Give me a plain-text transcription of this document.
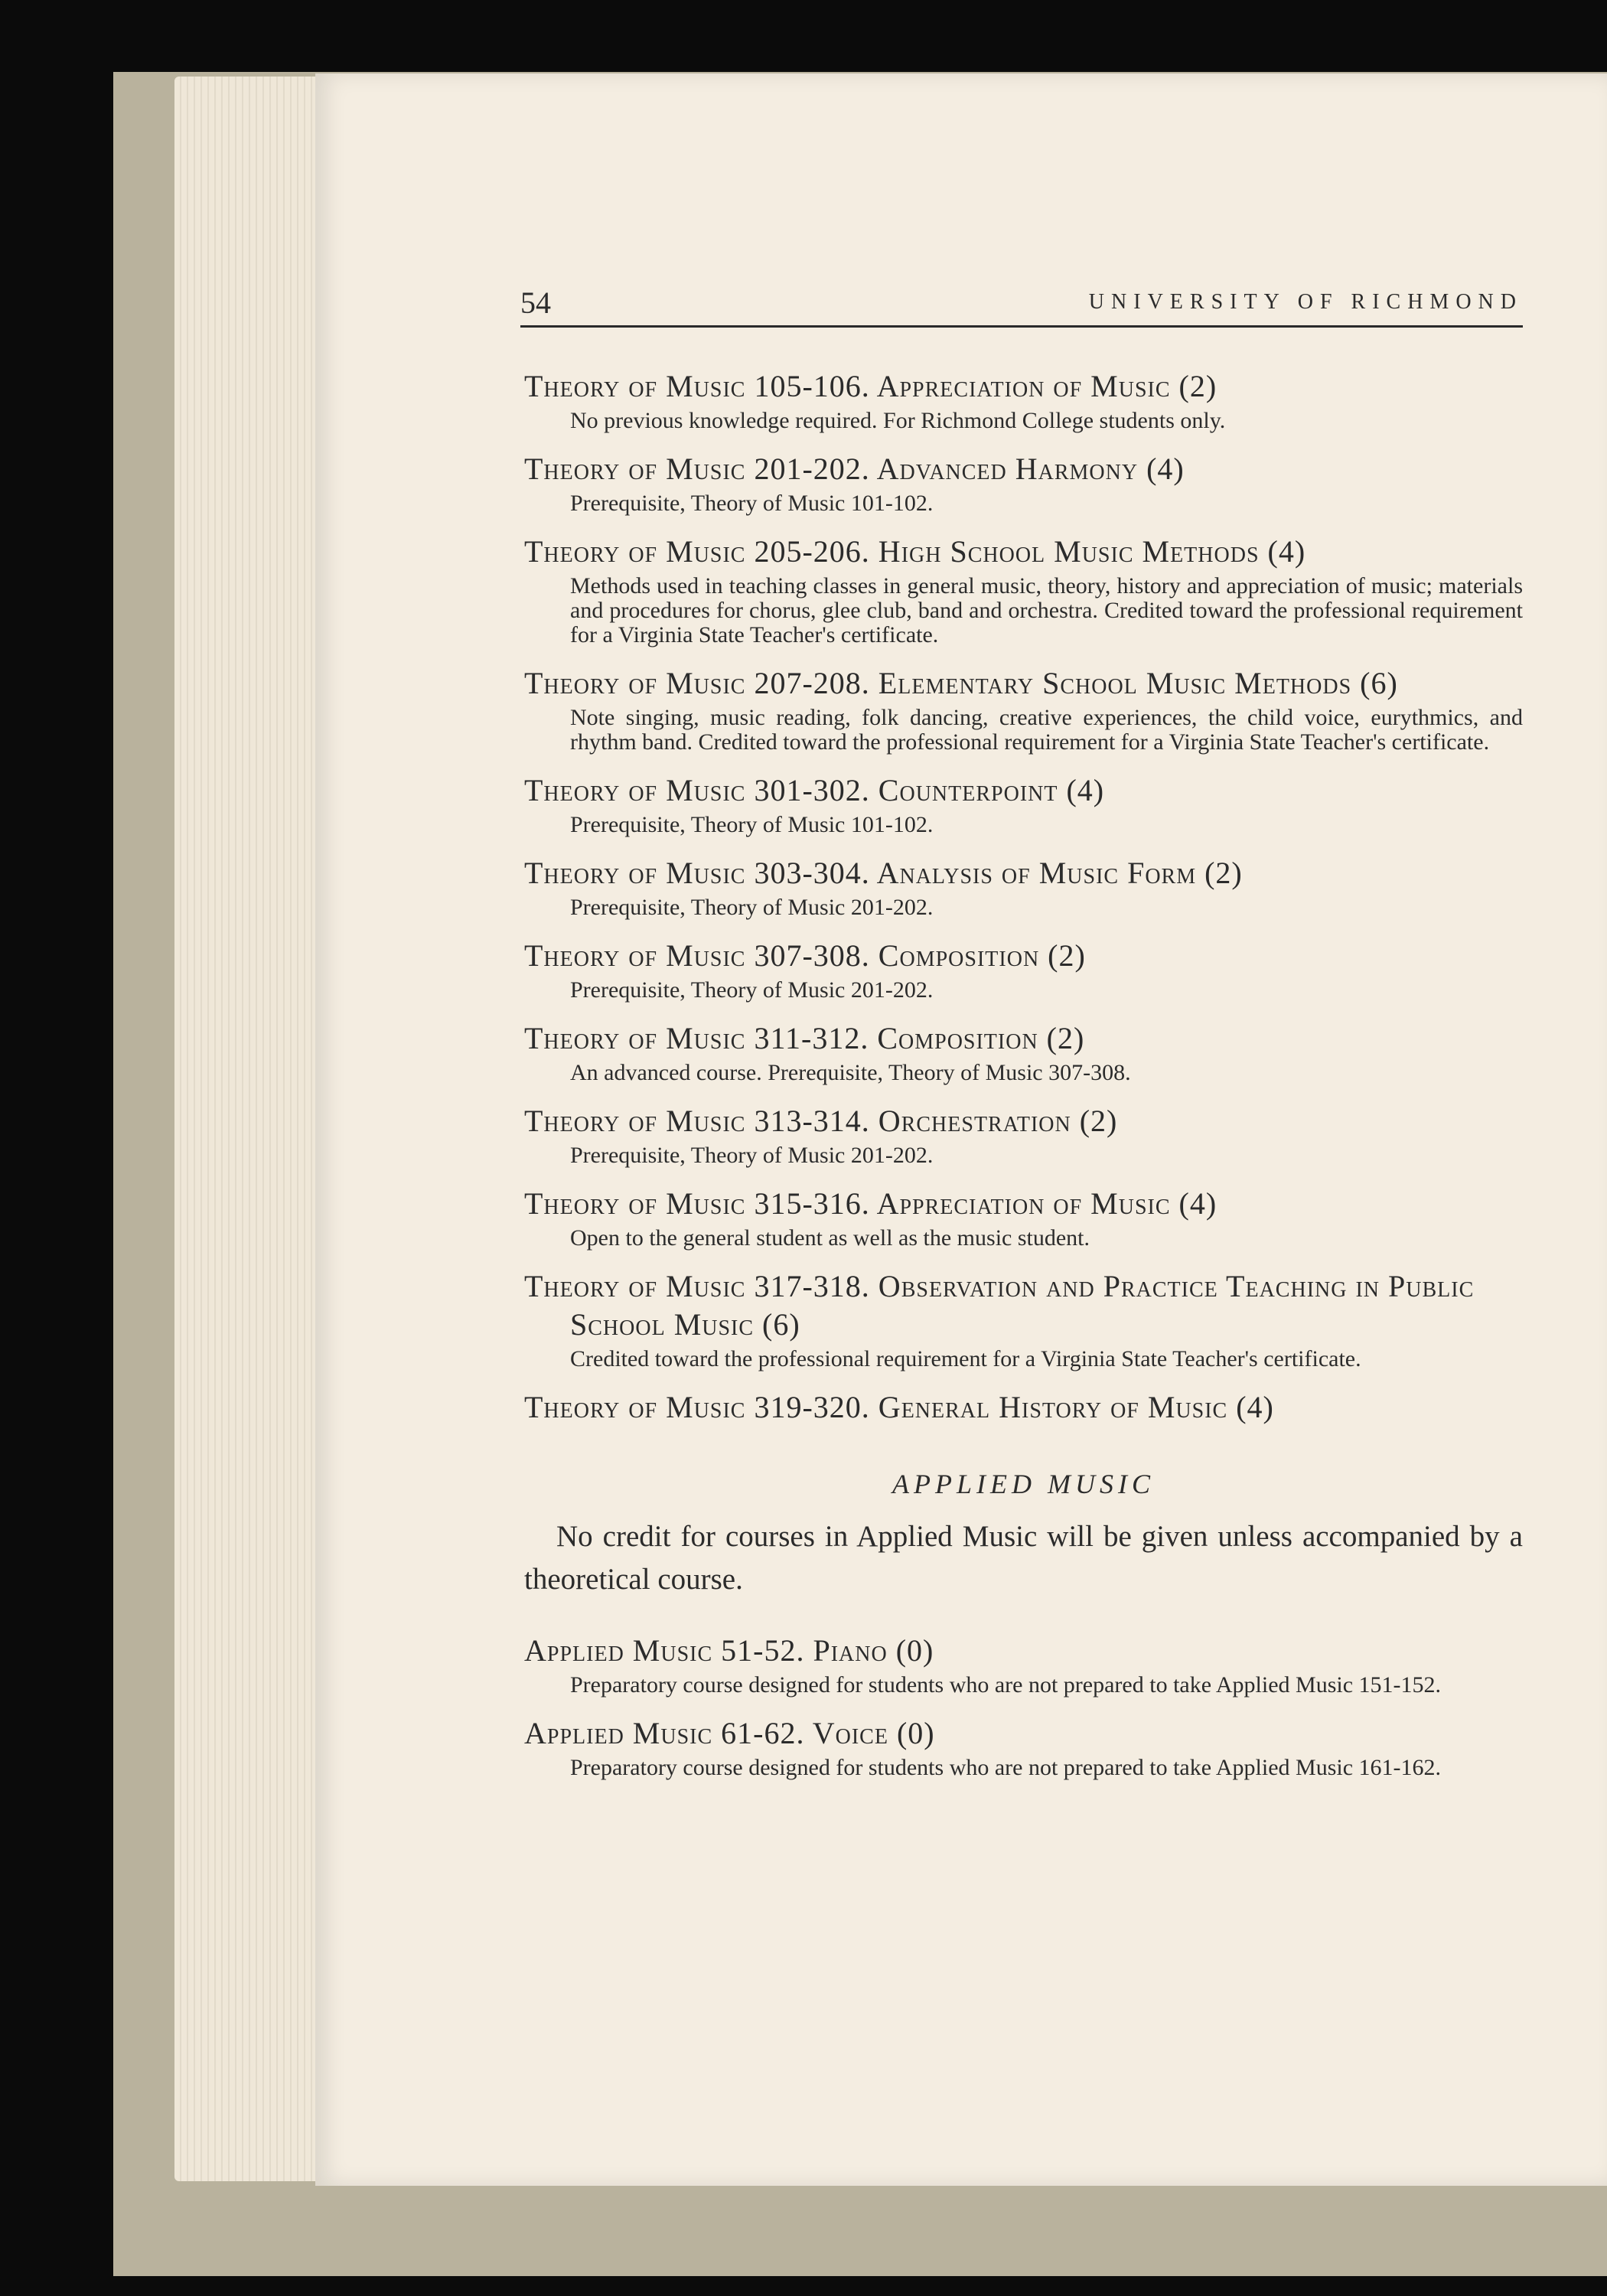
54	UNIVERSITY OF RICHMOND
Theory of Music 105-106. Appreciation of Music (2)
No previous knowledge required. For Richmond College students only.
Theory of Music 201-202. Advanced Harmony (4)
Prerequisite, Theory of Music 101-102.
Theory of Music 205-206. High School Music Methods (4)
Methods used in teaching classes in general music, theory, history and appreciation of music; materials and procedures for chorus, glee club, band and orchestra. Credited toward the professional requirement for a Virginia State Teacher's certificate.
Theory of Music 207-208. Elementary School Music Methods (6)
Note singing, music reading, folk dancing, creative experiences, the child voice, eurythmics, and rhythm band. Credited toward the professional requirement for a Virginia State Teacher's certificate.
Theory of Music 301-302. Counterpoint (4)
Prerequisite, Theory of Music 101-102.
Theory of Music 303-304. Analysis of Music Form (2)
Prerequisite, Theory of Music 201-202.
Theory of Music 307-308. Composition (2)
Prerequisite, Theory of Music 201-202.
Theory of Music 311-312. Composition (2)
An advanced course. Prerequisite, Theory of Music 307-308.
Theory of Music 313-314. Orchestration (2)
Prerequisite, Theory of Music 201-202.
Theory of Music 315-316. Appreciation of Music (4)
Open to the general student as well as the music student.
Theory of Music 317-318. Observation and Practice Teaching in Public School Music (6)
Credited toward the professional requirement for a Virginia State Teacher's certificate.
Theory of Music 319-320. General History of Music (4)
APPLIED MUSIC
No credit for courses in Applied Music will be given unless accompanied by a theoretical course.
Applied Music 51-52. Piano (0)
Preparatory course designed for students who are not prepared to take Applied Music 151-152.
Applied Music 61-62. Voice (0)
Preparatory course designed for students who are not prepared to take Applied Music 161-162.
